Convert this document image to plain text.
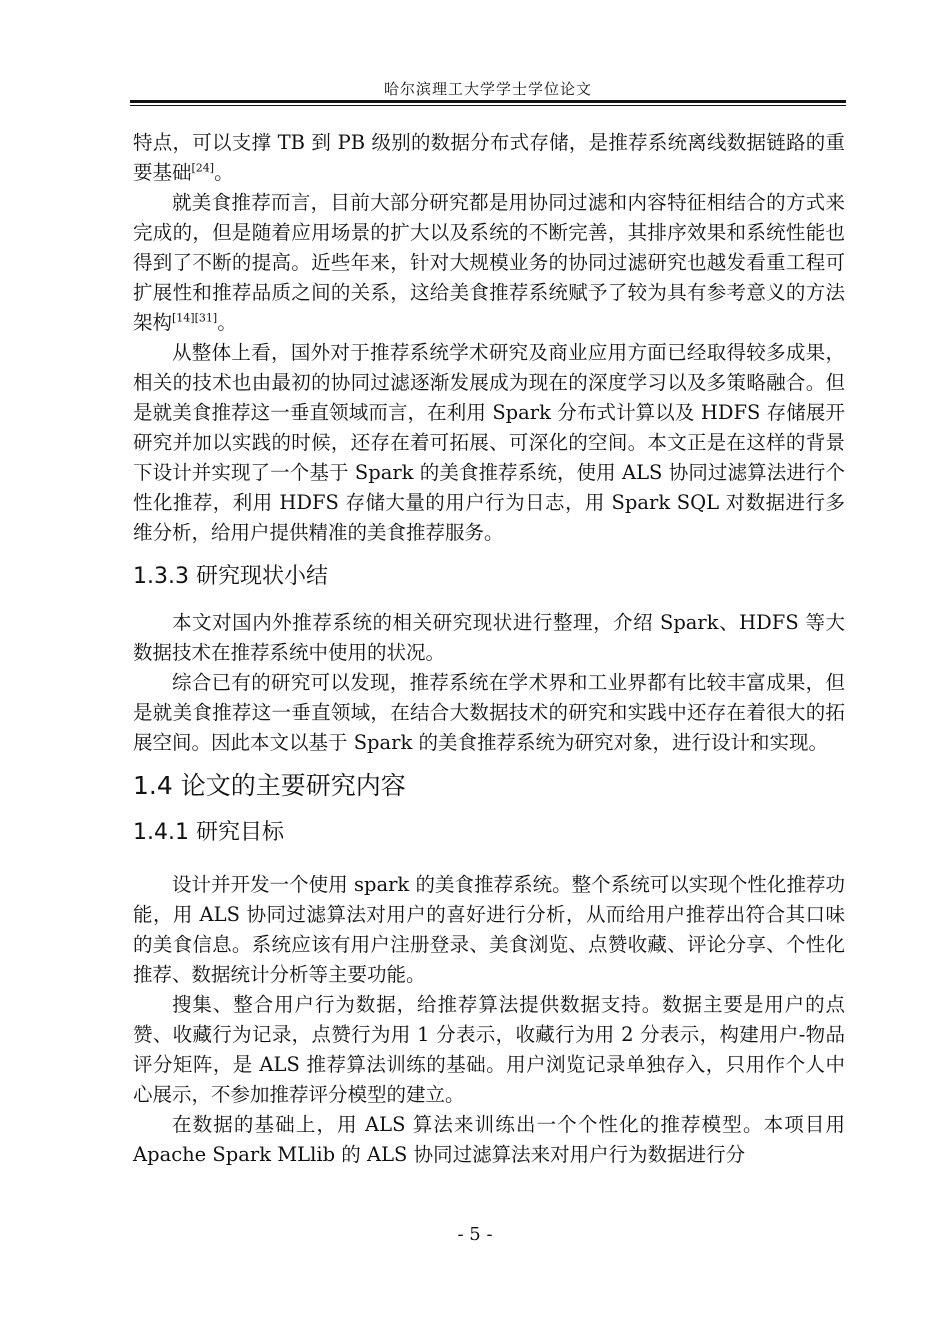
哈尔滨理工大学学士学位论文

特点，可以支撑 TB 到 PB 级别的数据分布式存储，是推荐系统离线数据链路的重要基础[24]。

就美食推荐而言，目前大部分研究都是用协同过滤和内容特征相结合的方式来完成的，但是随着应用场景的扩大以及系统的不断完善，其排序效果和系统性能也得到了不断的提高。近些年来，针对大规模业务的协同过滤研究也越发看重工程可扩展性和推荐品质之间的关系，这给美食推荐系统赋予了较为具有参考意义的方法架构[14][31]。

从整体上看，国外对于推荐系统学术研究及商业应用方面已经取得较多成果，相关的技术也由最初的协同过滤逐渐发展成为现在的深度学习以及多策略融合。但是就美食推荐这一垂直领域而言，在利用 Spark 分布式计算以及 HDFS 存储展开研究并加以实践的时候，还存在着可拓展、可深化的空间。本文正是在这样的背景下设计并实现了一个基于 Spark 的美食推荐系统，使用 ALS 协同过滤算法进行个性化推荐，利用 HDFS 存储大量的用户行为日志，用 Spark SQL 对数据进行多维分析，给用户提供精准的美食推荐服务。

1.3.3 研究现状小结

本文对国内外推荐系统的相关研究现状进行整理，介绍 Spark、HDFS 等大数据技术在推荐系统中使用的状况。

综合已有的研究可以发现，推荐系统在学术界和工业界都有比较丰富成果，但是就美食推荐这一垂直领域，在结合大数据技术的研究和实践中还存在着很大的拓展空间。因此本文以基于 Spark 的美食推荐系统为研究对象，进行设计和实现。

1.4 论文的主要研究内容
1.4.1 研究目标

设计并开发一个使用 spark 的美食推荐系统。整个系统可以实现个性化推荐功能，用 ALS 协同过滤算法对用户的喜好进行分析，从而给用户推荐出符合其口味的美食信息。系统应该有用户注册登录、美食浏览、点赞收藏、评论分享、个性化推荐、数据统计分析等主要功能。

搜集、整合用户行为数据，给推荐算法提供数据支持。数据主要是用户的点赞、收藏行为记录，点赞行为用 1 分表示，收藏行为用 2 分表示，构建用户-物品评分矩阵，是 ALS 推荐算法训练的基础。用户浏览记录单独存入，只用作个人中心展示，不参加推荐评分模型的建立。

在数据的基础上，用 ALS 算法来训练出一个个性化的推荐模型。本项目用 Apache Spark MLlib 的 ALS 协同过滤算法来对用户行为数据进行分

- 5 -
